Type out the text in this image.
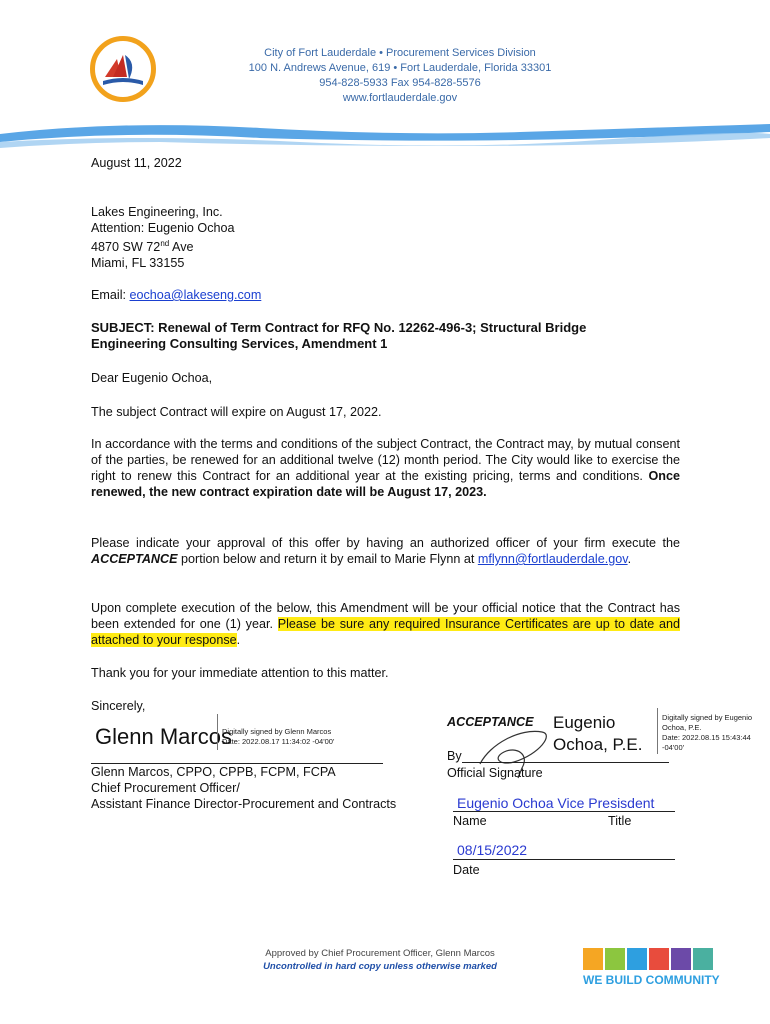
City of Fort Lauderdale • Procurement Services Division
100 N. Andrews Avenue, 619 • Fort Lauderdale, Florida 33301
954-828-5933 Fax 954-828-5576
www.fortlauderdale.gov
August 11, 2022
Lakes Engineering, Inc.
Attention: Eugenio Ochoa
4870 SW 72nd Ave
Miami, FL 33155
Email: eochoa@lakeseng.com
SUBJECT: Renewal of Term Contract for RFQ No. 12262-496-3; Structural Bridge
Engineering Consulting Services, Amendment 1
Dear Eugenio Ochoa,
The subject Contract will expire on August 17, 2022.
In accordance with the terms and conditions of the subject Contract, the Contract may, by mutual consent of the parties, be renewed for an additional twelve (12) month period. The City would like to exercise the right to renew this Contract for an additional year at the existing pricing, terms and conditions. Once renewed, the new contract expiration date will be August 17, 2023.
Please indicate your approval of this offer by having an authorized officer of your firm execute the ACCEPTANCE portion below and return it by email to Marie Flynn at mflynn@fortlauderdale.gov.
Upon complete execution of the below, this Amendment will be your official notice that the Contract has been extended for one (1) year. Please be sure any required Insurance Certificates are up to date and attached to your response.
Thank you for your immediate attention to this matter.
Sincerely,
Glenn Marcos
Digitally signed by Glenn Marcos
Date: 2022.08.17 11:34:02 -04'00'
Glenn Marcos, CPPO, CPPB, FCPM, FCPA
Chief Procurement Officer/
Assistant Finance Director-Procurement and Contracts
ACCEPTANCE Eugenio
Ochoa, P.E.
Digitally signed by Eugenio
Ochoa, P.E.
Date: 2022.08.15 15:43:44
-04'00'
By
Official Signature
Eugenio Ochoa Vice Presisdent
Name	Title
08/15/2022
Date
Approved by Chief Procurement Officer, Glenn Marcos
Uncontrolled in hard copy unless otherwise marked
WE BUILD COMMUNITY
